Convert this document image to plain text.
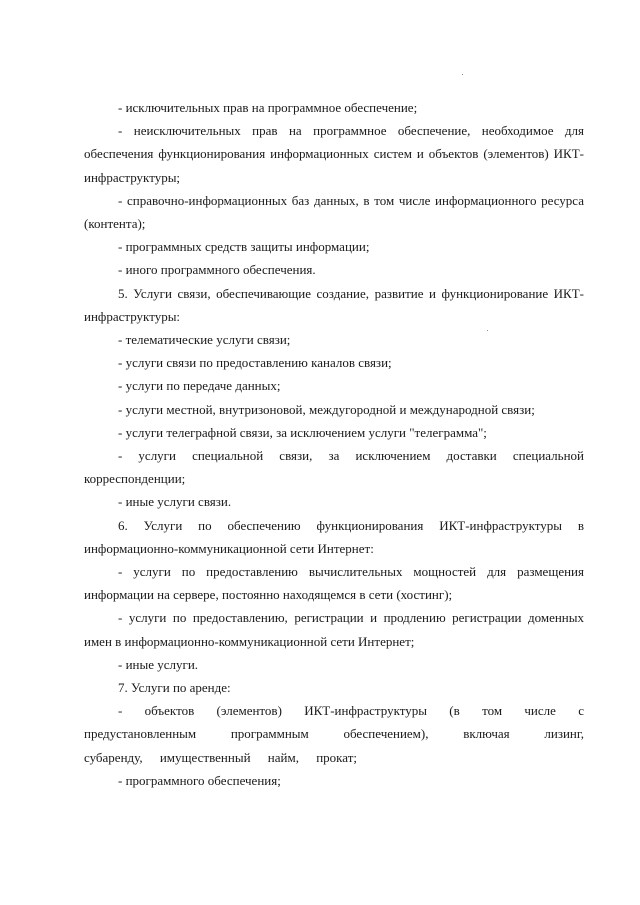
- исключительных прав на программное обеспечение;

- неисключительных прав на программное обеспечение, необходимое для обеспечения функционирования информационных систем и объектов (элементов) ИКТ-инфраструктуры;

- справочно-информационных баз данных, в том числе информационного ресурса (контента);

- программных средств защиты информации;

- иного программного обеспечения.

5. Услуги связи, обеспечивающие создание, развитие и функционирование ИКТ-инфраструктуры:

- телематические услуги связи;

- услуги связи по предоставлению каналов связи;

- услуги по передаче данных;

- услуги местной, внутризоновой, междугородной и международной связи;

- услуги телеграфной связи, за исключением услуги "телеграмма";

- услуги специальной связи, за исключением доставки специальной корреспонденции;

- иные услуги связи.

6. Услуги по обеспечению функционирования ИКТ-инфраструктуры в информационно-коммуникационной сети Интернет:

- услуги по предоставлению вычислительных мощностей для размещения информации на сервере, постоянно находящемся в сети (хостинг);

- услуги по предоставлению, регистрации и продлению регистрации доменных имен в информационно-коммуникационной сети Интернет;

- иные услуги.

7. Услуги по аренде:

- объектов (элементов) ИКТ-инфраструктуры (в том числе с предустановленным программным обеспечением), включая лизинг, субаренду, имущественный найм, прокат;

- программного обеспечения;
